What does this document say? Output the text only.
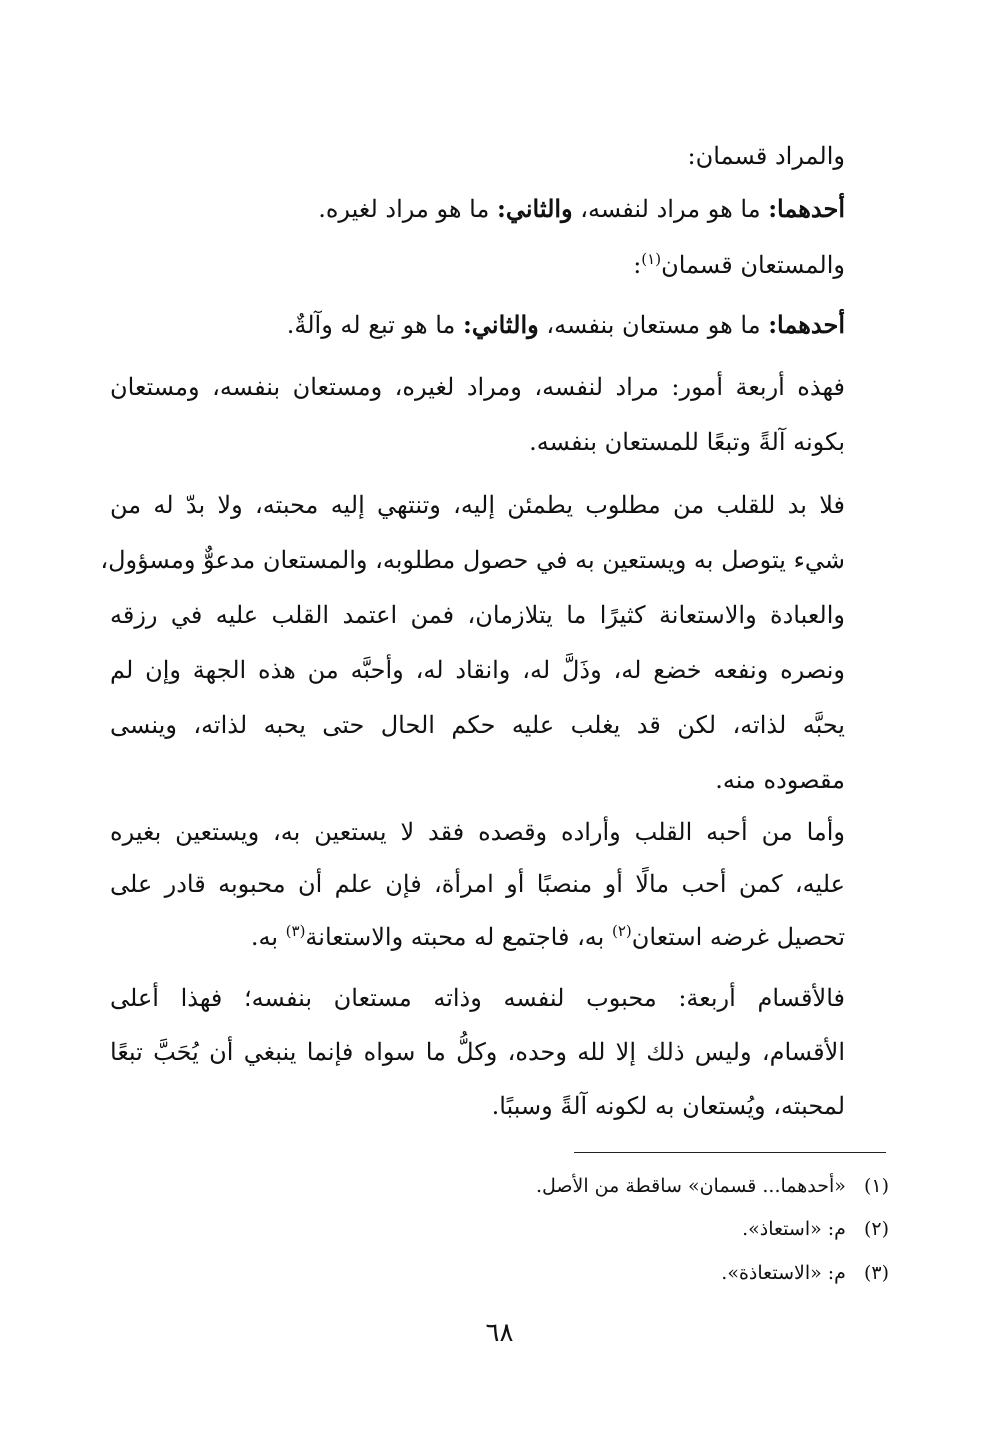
والمراد قسمان:
أحدهما: ما هو مراد لنفسه، والثاني: ما هو مراد لغيره.
والمستعان قسمان$^{(١)}$:
أحدهما: ما هو مستعان بنفسه، والثاني: ما هو تبع له وآلةٌ.
فهذه أربعة أمور: مراد لنفسه، ومراد لغيره، ومستعان بنفسه، ومستعان
بكونه آلةً وتبعًا للمستعان بنفسه.
فلا بد للقلب من مطلوب يطمئن إليه، وتنتهي إليه محبته، ولا بدّ له من
شيء يتوصل به ويستعين به في حصول مطلوبه، والمستعان مدعوٌّ ومسؤول،
والعبادة والاستعانة كثيرًا ما يتلازمان، فمن اعتمد القلب عليه في رزقه
ونصره ونفعه خضع له، وذَلَّ له، وانقاد له، وأحبَّه من هذه الجهة وإن لم
يحبَّه لذاته، لكن قد يغلب عليه حكم الحال حتى يحبه لذاته، وينسى
مقصوده منه.
وأما من أحبه القلب وأراده وقصده فقد لا يستعين به، ويستعين بغيره
عليه، كمن أحب مالًا أو منصبًا أو امرأة، فإن علم أن محبوبه قادر على
تحصيل غرضه استعان$^{(٢)}$ به، فاجتمع له محبته والاستعانة$^{(٣)}$ به.
فالأقسام أربعة: محبوب لنفسه وذاته مستعان بنفسه؛ فهذا أعلى
الأقسام، وليس ذلك إلا لله وحده، وكلُّ ما سواه فإنما ينبغي أن يُحَبَّ تبعًا
لمحبته، ويُستعان به لكونه آلةً وسببًا.
(١)«أحدهما... قسمان» ساقطة من الأصل.
(٢)م: «استعاذ».
(٣)م: «الاستعاذة».
٦٨
